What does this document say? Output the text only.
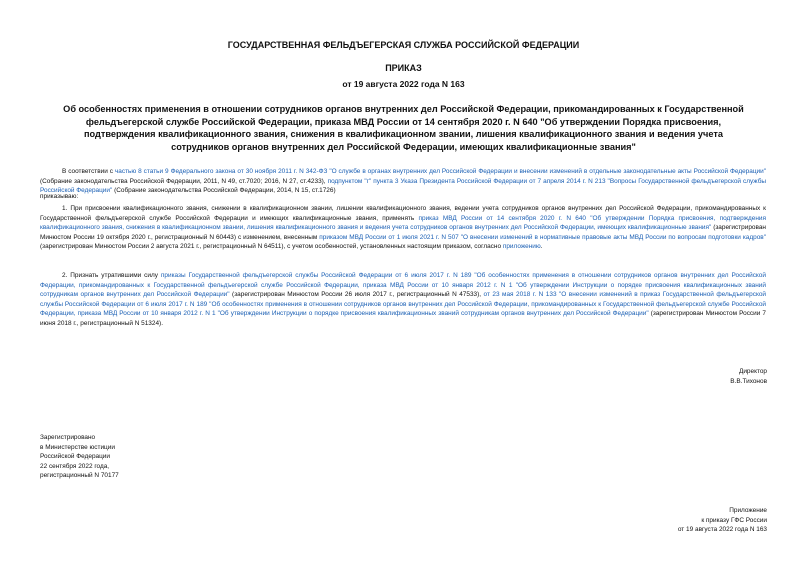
ГОСУДАРСТВЕННАЯ ФЕЛЬДЪЕГЕРСКАЯ СЛУЖБА РОССИЙСКОЙ ФЕДЕРАЦИИ
ПРИКАЗ
от 19 августа 2022 года N 163
Об особенностях применения в отношении сотрудников органов внутренних дел Российской Федерации, прикомандированных к Государственной фельдъегерской службе Российской Федерации, приказа МВД России от 14 сентября 2020 г. N 640 "Об утверждении Порядка присвоения, подтверждения квалификационного звания, снижения в квалификационном звании, лишения квалификационного звания и ведения учета сотрудников органов внутренних дел Российской Федерации, имеющих квалификационные звания"

В соответствии с частью 8 статьи 9 Федерального закона от 30 ноября 2011 г. N 342-ФЗ "О службе в органах внутренних дел Российской Федерации и внесении изменений в отдельные законодательные акты Российской Федерации" (Собрание законодательства Российской Федерации, 2011, N 49, ст.7020; 2016, N 27, ст.4233), подпунктом "г" пункта 3 Указа Президента Российской Федерации от 7 апреля 2014 г. N 213 "Вопросы Государственной фельдъегерской службы Российской Федерации" (Собрание законодательства Российской Федерации, 2014, N 15, ст.1726)

приказываю:

1. При присвоении квалификационного звания, снижении в квалификационном звании, лишении квалификационного звания, ведении учета сотрудников органов внутренних дел Российской Федерации, прикомандированных к Государственной фельдъегерской службе Российской Федерации и имеющих квалификационные звания, применять приказ МВД России от 14 сентября 2020 г. N 640 "Об утверждении Порядка присвоения, подтверждения квалификационного звания, снижения в квалификационном звании, лишения квалификационного звания и ведения учета сотрудников органов внутренних дел Российской Федерации, имеющих квалификационные звания" (зарегистрирован Минюстом России 19 октября 2020 г., регистрационный N 60443) с изменением, внесенным приказом МВД России от 1 июля 2021 г. N 507 "О внесении изменений в нормативные правовые акты МВД России по вопросам подготовки кадров" (зарегистрирован Минюстом России 2 августа 2021 г., регистрационный N 64511), с учетом особенностей, установленных настоящим приказом, согласно приложению.

2. Признать утратившими силу приказы Государственной фельдъегерской службы Российской Федерации от 6 июля 2017 г. N 189 "Об особенностях применения в отношении сотрудников органов внутренних дел Российской Федерации, прикомандированных к Государственной фельдъегерской службе Российской Федерации, приказа МВД России от 10 января 2012 г. N 1 "Об утверждении Инструкции о порядке присвоения квалификационных званий сотрудникам органов внутренних дел Российской Федерации" (зарегистрирован Минюстом России 26 июля 2017 г., регистрационный N 47533), от 23 мая 2018 г. N 133 "О внесении изменений в приказ Государственной фельдъегерской службы Российской Федерации от 6 июля 2017 г. N 189 "Об особенностях применения в отношении сотрудников органов внутренних дел Российской Федерации, прикомандированных к Государственной фельдъегерской службе Российской Федерации, приказа МВД России от 10 января 2012 г. N 1 "Об утверждении Инструкции о порядке присвоения квалификационных званий сотрудникам органов внутренних дел Российской Федерации" (зарегистрирован Минюстом России 7 июня 2018 г., регистрационный N 51324).

Директор
В.В.Тихонов
Зарегистрировано
в Министерстве юстиции
Российской Федерации
22 сентября 2022 года,
регистрационный N 70177
Приложение
к приказу ГФС России
от 19 августа 2022 года N 163
